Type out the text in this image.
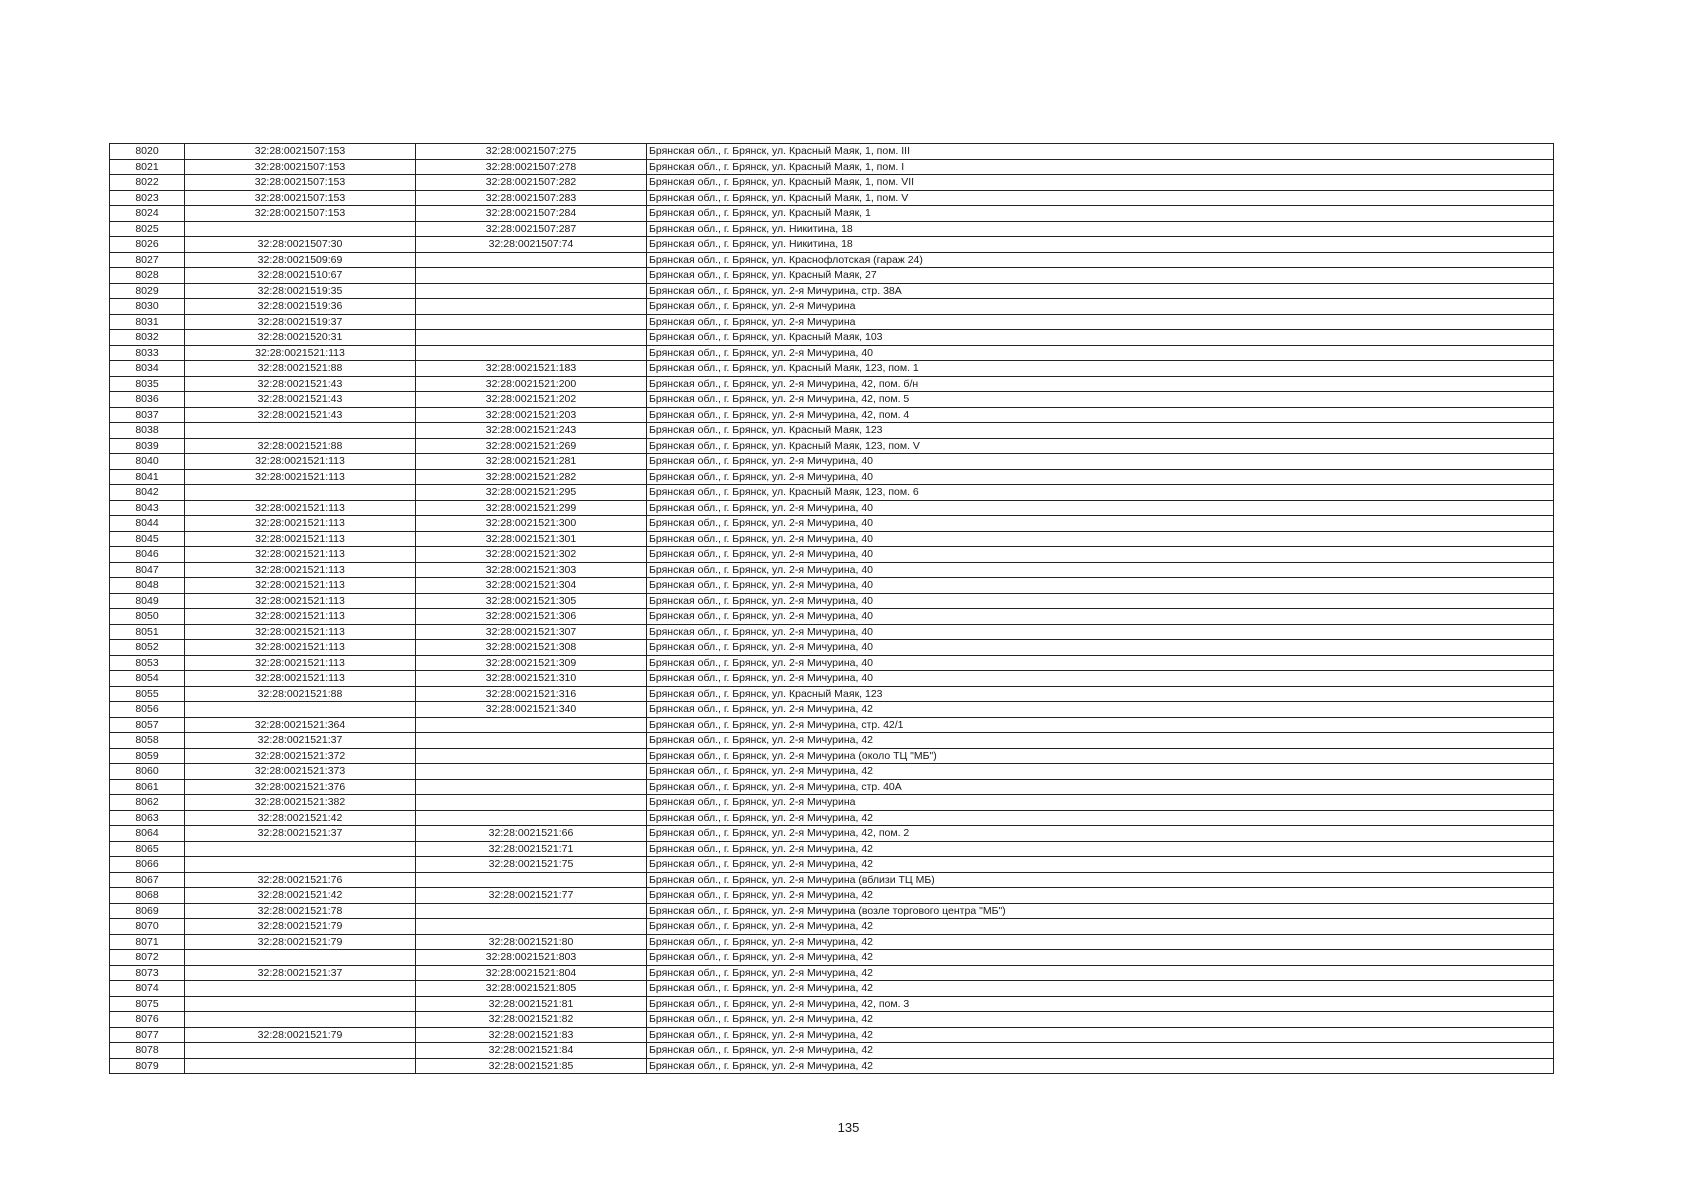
8020	32:28:0021507:153	32:28:0021507:275	Брянская обл., г. Брянск, ул. Красный Маяк, 1, пом. III
8021	32:28:0021507:153	32:28:0021507:278	Брянская обл., г. Брянск, ул. Красный Маяк, 1, пом. I
8022	32:28:0021507:153	32:28:0021507:282	Брянская обл., г. Брянск, ул. Красный Маяк, 1, пом. VII
8023	32:28:0021507:153	32:28:0021507:283	Брянская обл., г. Брянск, ул. Красный Маяк, 1, пом. V
8024	32:28:0021507:153	32:28:0021507:284	Брянская обл., г. Брянск, ул. Красный Маяк, 1
8025		32:28:0021507:287	Брянская обл., г. Брянск, ул. Никитина, 18
8026	32:28:0021507:30	32:28:0021507:74	Брянская обл., г. Брянск, ул. Никитина, 18
8027	32:28:0021509:69		Брянская обл., г. Брянск, ул. Краснофлотская (гараж 24)
8028	32:28:0021510:67		Брянская обл., г. Брянск, ул. Красный Маяк, 27
8029	32:28:0021519:35		Брянская обл., г. Брянск, ул. 2-я Мичурина, стр. 38А
8030	32:28:0021519:36		Брянская обл., г. Брянск, ул. 2-я Мичурина
8031	32:28:0021519:37		Брянская обл., г. Брянск, ул. 2-я Мичурина
8032	32:28:0021520:31		Брянская обл., г. Брянск, ул. Красный Маяк, 103
8033	32:28:0021521:113		Брянская обл., г. Брянск, ул. 2-я Мичурина, 40
8034	32:28:0021521:88	32:28:0021521:183	Брянская обл., г. Брянск, ул. Красный Маяк, 123, пом. 1
8035	32:28:0021521:43	32:28:0021521:200	Брянская обл., г. Брянск, ул. 2-я Мичурина, 42, пом. б/н
8036	32:28:0021521:43	32:28:0021521:202	Брянская обл., г. Брянск, ул. 2-я Мичурина, 42, пом. 5
8037	32:28:0021521:43	32:28:0021521:203	Брянская обл., г. Брянск, ул. 2-я Мичурина, 42, пом. 4
8038		32:28:0021521:243	Брянская обл., г. Брянск, ул. Красный Маяк, 123
8039	32:28:0021521:88	32:28:0021521:269	Брянская обл., г. Брянск, ул. Красный Маяк, 123, пом. V
8040	32:28:0021521:113	32:28:0021521:281	Брянская обл., г. Брянск, ул. 2-я Мичурина, 40
8041	32:28:0021521:113	32:28:0021521:282	Брянская обл., г. Брянск, ул. 2-я Мичурина, 40
8042		32:28:0021521:295	Брянская обл., г. Брянск, ул. Красный Маяк, 123, пом. 6
8043	32:28:0021521:113	32:28:0021521:299	Брянская обл., г. Брянск, ул. 2-я Мичурина, 40
8044	32:28:0021521:113	32:28:0021521:300	Брянская обл., г. Брянск, ул. 2-я Мичурина, 40
8045	32:28:0021521:113	32:28:0021521:301	Брянская обл., г. Брянск, ул. 2-я Мичурина, 40
8046	32:28:0021521:113	32:28:0021521:302	Брянская обл., г. Брянск, ул. 2-я Мичурина, 40
8047	32:28:0021521:113	32:28:0021521:303	Брянская обл., г. Брянск, ул. 2-я Мичурина, 40
8048	32:28:0021521:113	32:28:0021521:304	Брянская обл., г. Брянск, ул. 2-я Мичурина, 40
8049	32:28:0021521:113	32:28:0021521:305	Брянская обл., г. Брянск, ул. 2-я Мичурина, 40
8050	32:28:0021521:113	32:28:0021521:306	Брянская обл., г. Брянск, ул. 2-я Мичурина, 40
8051	32:28:0021521:113	32:28:0021521:307	Брянская обл., г. Брянск, ул. 2-я Мичурина, 40
8052	32:28:0021521:113	32:28:0021521:308	Брянская обл., г. Брянск, ул. 2-я Мичурина, 40
8053	32:28:0021521:113	32:28:0021521:309	Брянская обл., г. Брянск, ул. 2-я Мичурина, 40
8054	32:28:0021521:113	32:28:0021521:310	Брянская обл., г. Брянск, ул. 2-я Мичурина, 40
8055	32:28:0021521:88	32:28:0021521:316	Брянская обл., г. Брянск, ул. Красный Маяк, 123
8056		32:28:0021521:340	Брянская обл., г. Брянск, ул. 2-я Мичурина, 42
8057	32:28:0021521:364		Брянская обл., г. Брянск, ул. 2-я Мичурина, стр. 42/1
8058	32:28:0021521:37		Брянская обл., г. Брянск, ул. 2-я Мичурина, 42
8059	32:28:0021521:372		Брянская обл., г. Брянск, ул. 2-я Мичурина (около ТЦ "МБ")
8060	32:28:0021521:373		Брянская обл., г. Брянск, ул. 2-я Мичурина, 42
8061	32:28:0021521:376		Брянская обл., г. Брянск, ул. 2-я Мичурина, стр. 40А
8062	32:28:0021521:382		Брянская обл., г. Брянск, ул. 2-я Мичурина
8063	32:28:0021521:42		Брянская обл., г. Брянск, ул. 2-я Мичурина, 42
8064	32:28:0021521:37	32:28:0021521:66	Брянская обл., г. Брянск, ул. 2-я Мичурина, 42, пом. 2
8065		32:28:0021521:71	Брянская обл., г. Брянск, ул. 2-я Мичурина, 42
8066		32:28:0021521:75	Брянская обл., г. Брянск, ул. 2-я Мичурина, 42
8067	32:28:0021521:76		Брянская обл., г. Брянск, ул. 2-я Мичурина (вблизи ТЦ МБ)
8068	32:28:0021521:42	32:28:0021521:77	Брянская обл., г. Брянск, ул. 2-я Мичурина, 42
8069	32:28:0021521:78		Брянская обл., г. Брянск, ул. 2-я Мичурина (возле торгового центра "МБ")
8070	32:28:0021521:79		Брянская обл., г. Брянск, ул. 2-я Мичурина, 42
8071	32:28:0021521:79	32:28:0021521:80	Брянская обл., г. Брянск, ул. 2-я Мичурина, 42
8072		32:28:0021521:803	Брянская обл., г. Брянск, ул. 2-я Мичурина, 42
8073	32:28:0021521:37	32:28:0021521:804	Брянская обл., г. Брянск, ул. 2-я Мичурина, 42
8074		32:28:0021521:805	Брянская обл., г. Брянск, ул. 2-я Мичурина, 42
8075		32:28:0021521:81	Брянская обл., г. Брянск, ул. 2-я Мичурина, 42, пом. 3
8076		32:28:0021521:82	Брянская обл., г. Брянск, ул. 2-я Мичурина, 42
8077	32:28:0021521:79	32:28:0021521:83	Брянская обл., г. Брянск, ул. 2-я Мичурина, 42
8078		32:28:0021521:84	Брянская обл., г. Брянск, ул. 2-я Мичурина, 42
8079		32:28:0021521:85	Брянская обл., г. Брянск, ул. 2-я Мичурина, 42
135
